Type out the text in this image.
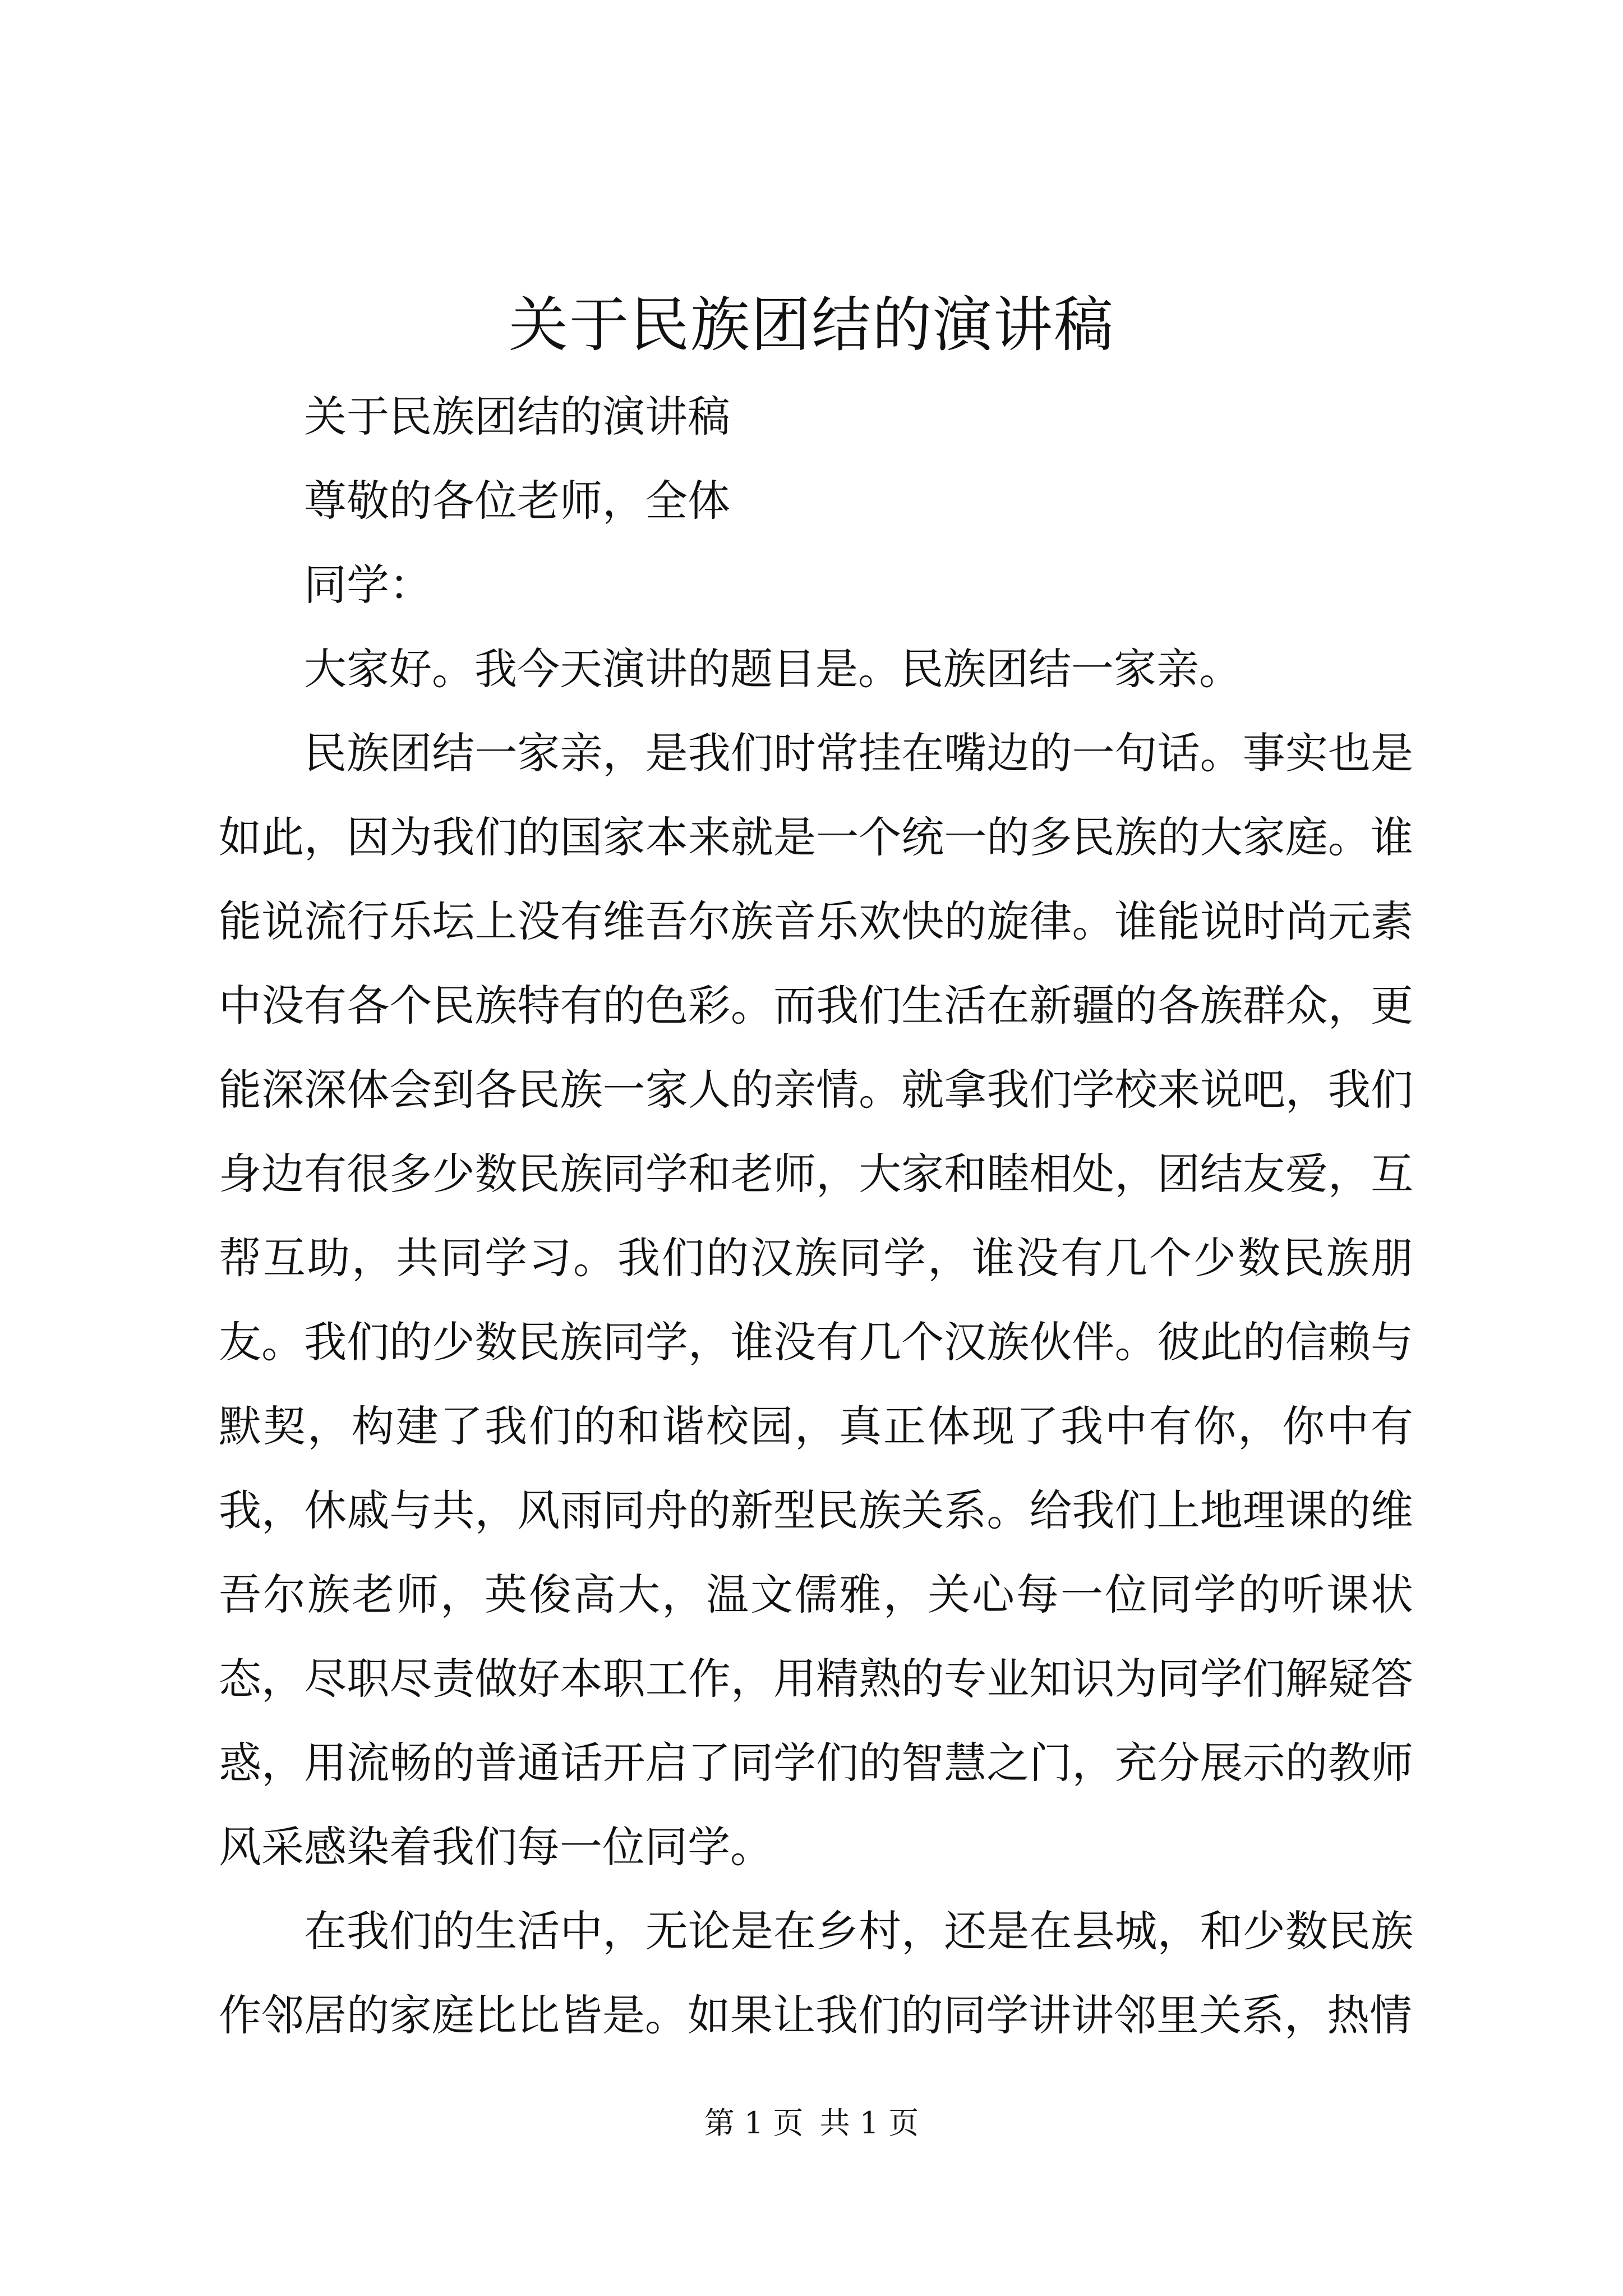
关于民族团结的演讲稿

关于民族团结的演讲稿

尊敬的各位老师，全体

同学：

大家好。我今天演讲的题目是。民族团结一家亲。

民族团结一家亲，是我们时常挂在嘴边的一句话。事实也是如此，因为我们的国家本来就是一个统一的多民族的大家庭。谁能说流行乐坛上没有维吾尔族音乐欢快的旋律。谁能说时尚元素中没有各个民族特有的色彩。而我们生活在新疆的各族群众，更能深深体会到各民族一家人的亲情。就拿我们学校来说吧，我们身边有很多少数民族同学和老师，大家和睦相处，团结友爱，互帮互助，共同学习。我们的汉族同学，谁没有几个少数民族朋友。我们的少数民族同学，谁没有几个汉族伙伴。彼此的信赖与默契，构建了我们的和谐校园，真正体现了我中有你，你中有我，休戚与共，风雨同舟的新型民族关系。给我们上地理课的维吾尔族老师，英俊高大，温文儒雅，关心每一位同学的听课状态，尽职尽责做好本职工作，用精熟的专业知识为同学们解疑答惑，用流畅的普通话开启了同学们的智慧之门，充分展示的教师风采感染着我们每一位同学。

在我们的生活中，无论是在乡村，还是在县城，和少数民族作邻居的家庭比比皆是。如果让我们的同学讲讲邻里关系，热情

第 1 页 共 1 页
